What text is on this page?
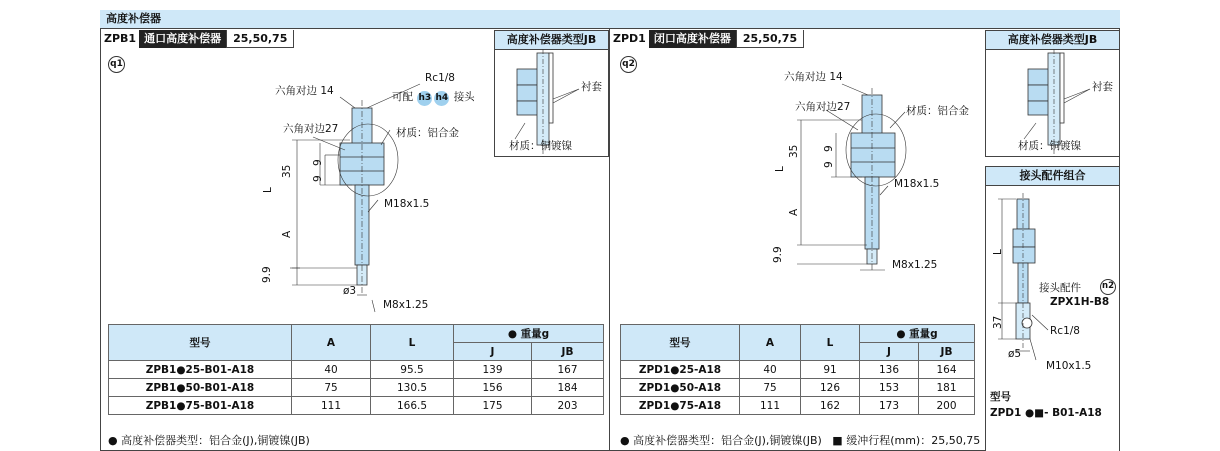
高度补偿器
ZPB1 通口高度补偿器 25,50,75
q1
六角对边 14
Rc1/8
可配 h3 h4 接头
六角对边27	材质：铝合金
35
9
9
L
A
M18x1.5
9.9
ø3
M8x1.25
高度补偿器类型JB
衬套
材质：铜镀镍
型号	A	L	● 重量g	
			J	JB
ZPB1●25-B01-A18	40	95.5	139	167
ZPB1●50-B01-A18	75	130.5	156	184
ZPB1●75-B01-A18	111	166.5	175	203
● 高度补偿器类型：铝合金(J),铜镀镍(JB)
ZPD1 闭口高度补偿器 25,50,75
q2
六角对边 14
六角对边27	材质：铝合金
35 9
9
L
A
M18x1.5
9.9
M8x1.25
高度补偿器类型JB
衬套
材质：铜镀镍
接头配件组合
L
接头配件 n2
ZPX1H-B8
37
Rc1/8
ø5
M10x1.5
型号
ZPD1 ●■- B01-A18
型号	A	L	● 重量g	
			J	JB
ZPD1●25-A18	40	91	136	164
ZPD1●50-A18	75	126	153	181
ZPD1●75-A18	111	162	173	200
● 高度补偿器类型：铝合金(J),铜镀镍(JB)   ■ 缓冲行程(mm)：25,50,75
